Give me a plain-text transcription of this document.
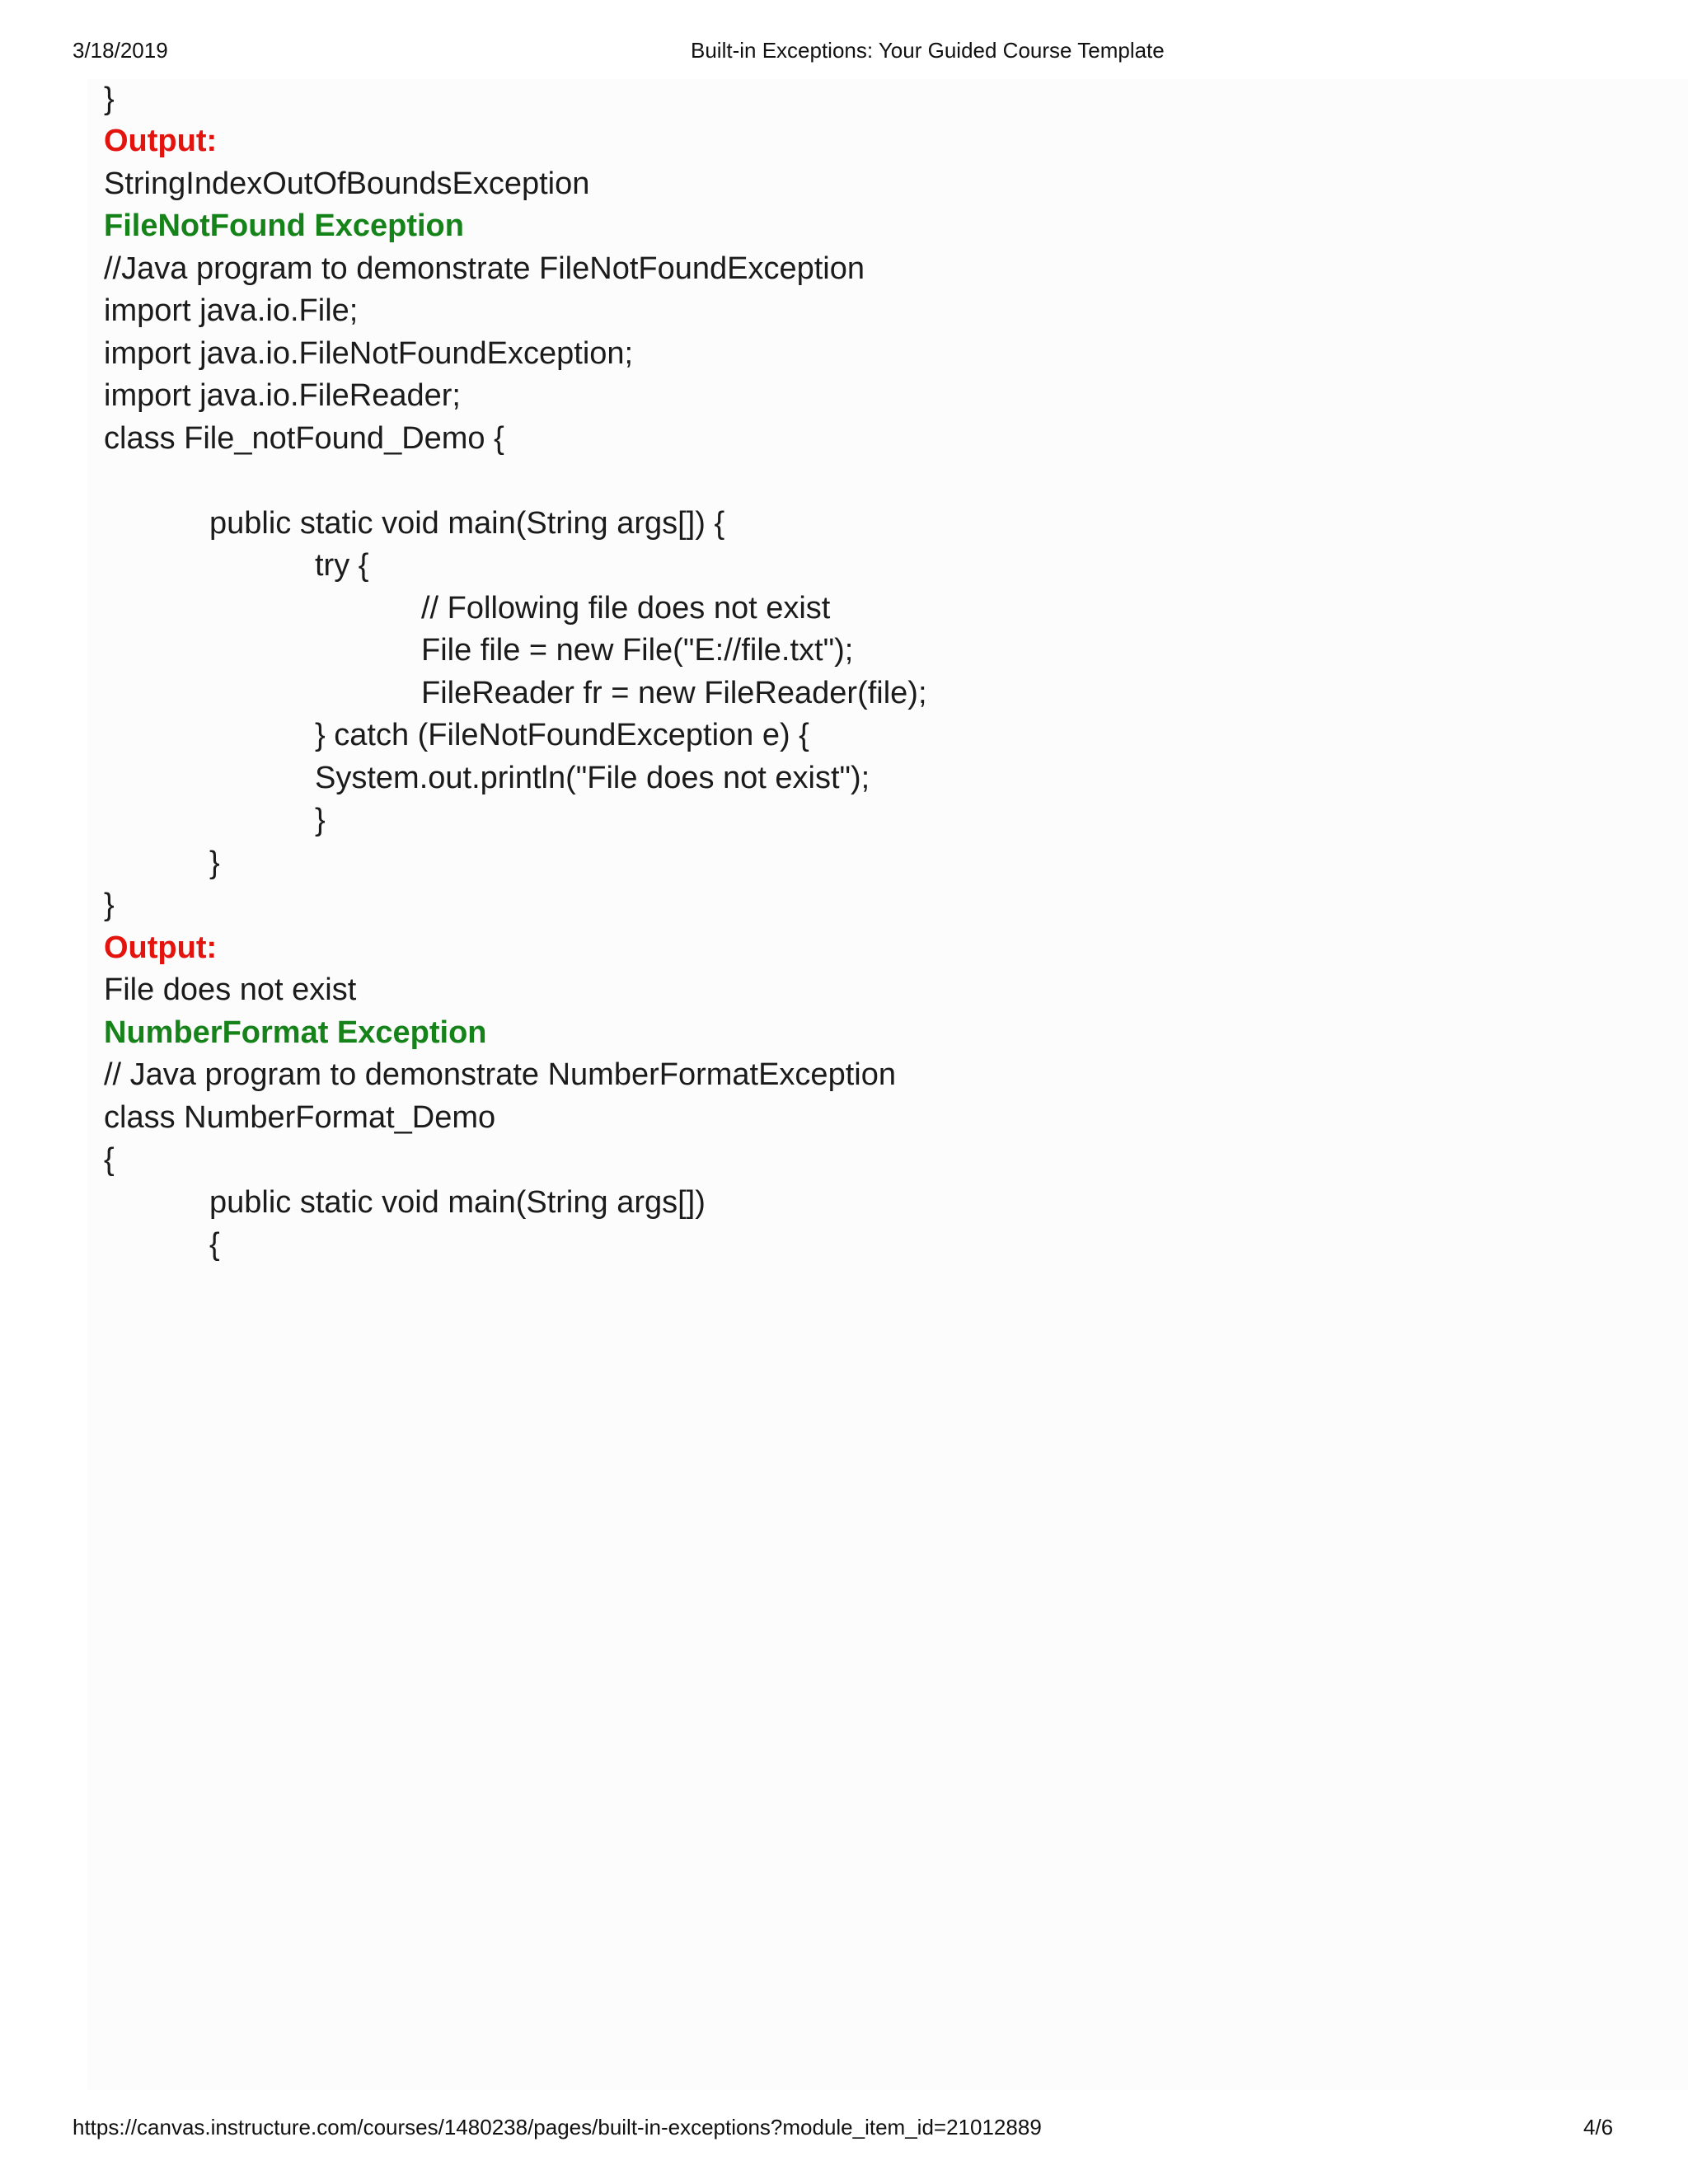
3/18/2019	Built-in Exceptions: Your Guided Course Template
}
Output:
StringIndexOutOfBoundsException
FileNotFound Exception
//Java program to demonstrate FileNotFoundException
import java.io.File;
import java.io.FileNotFoundException;
import java.io.FileReader;
class File_notFound_Demo {
public static void main(String args[]) {
try {
// Following file does not exist
File file = new File("E://file.txt");
FileReader fr = new FileReader(file);
} catch (FileNotFoundException e) {
System.out.println("File does not exist");
}
}
}
Output:
File does not exist
NumberFormat Exception
// Java program to demonstrate NumberFormatException
class NumberFormat_Demo
{
public static void main(String args[])
{
https://canvas.instructure.com/courses/1480238/pages/built-in-exceptions?module_item_id=21012889	4/6
